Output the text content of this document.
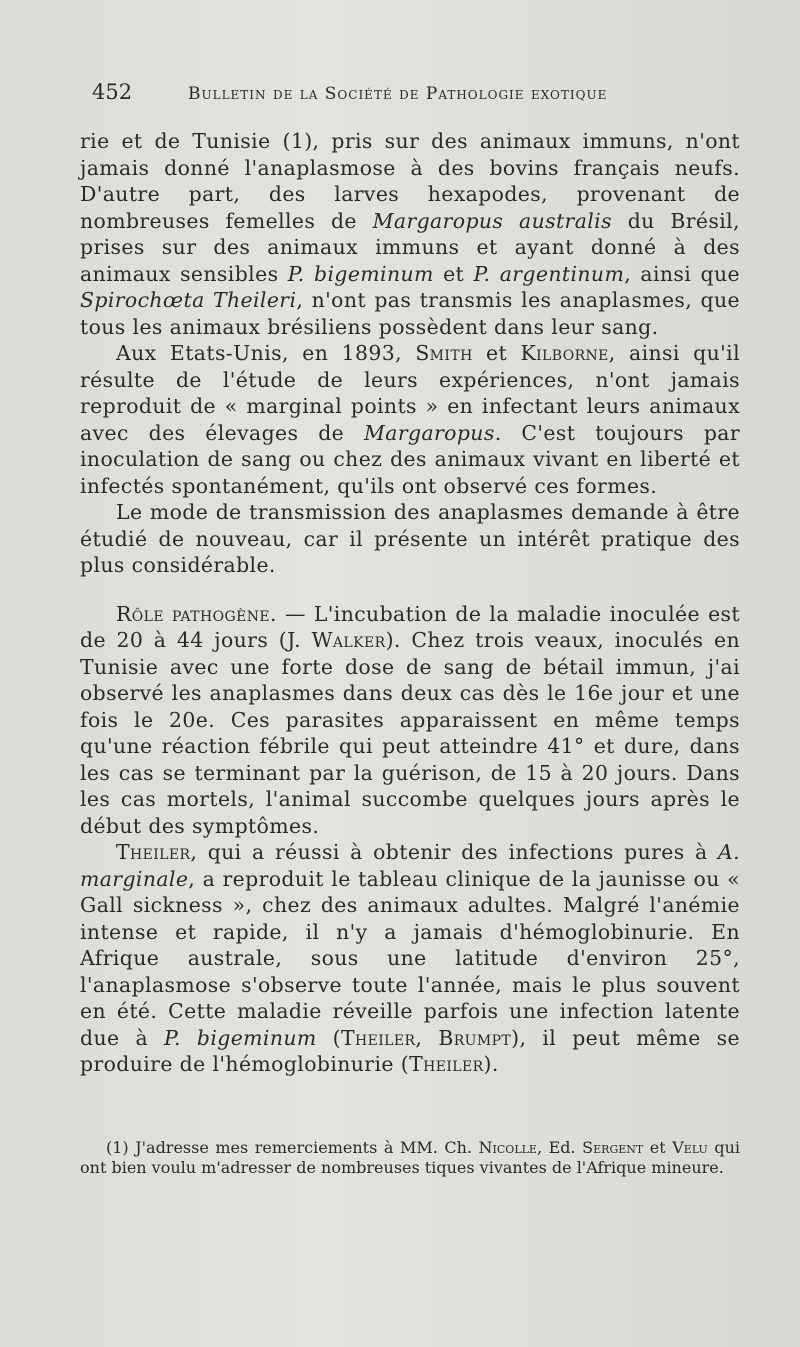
452	Bulletin de la Société de Pathologie exotique

rie et de Tunisie (1), pris sur des animaux immuns, n'ont jamais donné l'anaplasmose à des bovins français neufs. D'autre part, des larves hexapodes, provenant de nombreuses femelles de Margaropus australis du Brésil, prises sur des animaux immuns et ayant donné à des animaux sensibles P. bigeminum et P. argentinum, ainsi que Spirochœta Theileri, n'ont pas transmis les anaplasmes, que tous les animaux brésiliens possèdent dans leur sang.

Aux Etats-Unis, en 1893, Smith et Kilborne, ainsi qu'il résulte de l'étude de leurs expériences, n'ont jamais reproduit de « marginal points » en infectant leurs animaux avec des élevages de Margaropus. C'est toujours par inoculation de sang ou chez des animaux vivant en liberté et infectés spontanément, qu'ils ont observé ces formes.

Le mode de transmission des anaplasmes demande à être étudié de nouveau, car il présente un intérêt pratique des plus considérable.

Rôle pathogène. — L'incubation de la maladie inoculée est de 20 à 44 jours (J. Walker). Chez trois veaux, inoculés en Tunisie avec une forte dose de sang de bétail immun, j'ai observé les anaplasmes dans deux cas dès le 16e jour et une fois le 20e. Ces parasites apparaissent en même temps qu'une réaction fébrile qui peut atteindre 41° et dure, dans les cas se terminant par la guérison, de 15 à 20 jours. Dans les cas mortels, l'animal succombe quelques jours après le début des symptômes.

Theiler, qui a réussi à obtenir des infections pures à A. marginale, a reproduit le tableau clinique de la jaunisse ou « Gall sickness », chez des animaux adultes. Malgré l'anémie intense et rapide, il n'y a jamais d'hémoglobinurie. En Afrique australe, sous une latitude d'environ 25°, l'anaplasmose s'observe toute l'année, mais le plus souvent en été. Cette maladie réveille parfois une infection latente due à P. bigeminum (Theiler, Brumpt), il peut même se produire de l'hémoglobinurie (Theiler).

(1) J'adresse mes remerciements à MM. Ch. Nicolle, Ed. Sergent et Velu qui ont bien voulu m'adresser de nombreuses tiques vivantes de l'Afrique mineure.
